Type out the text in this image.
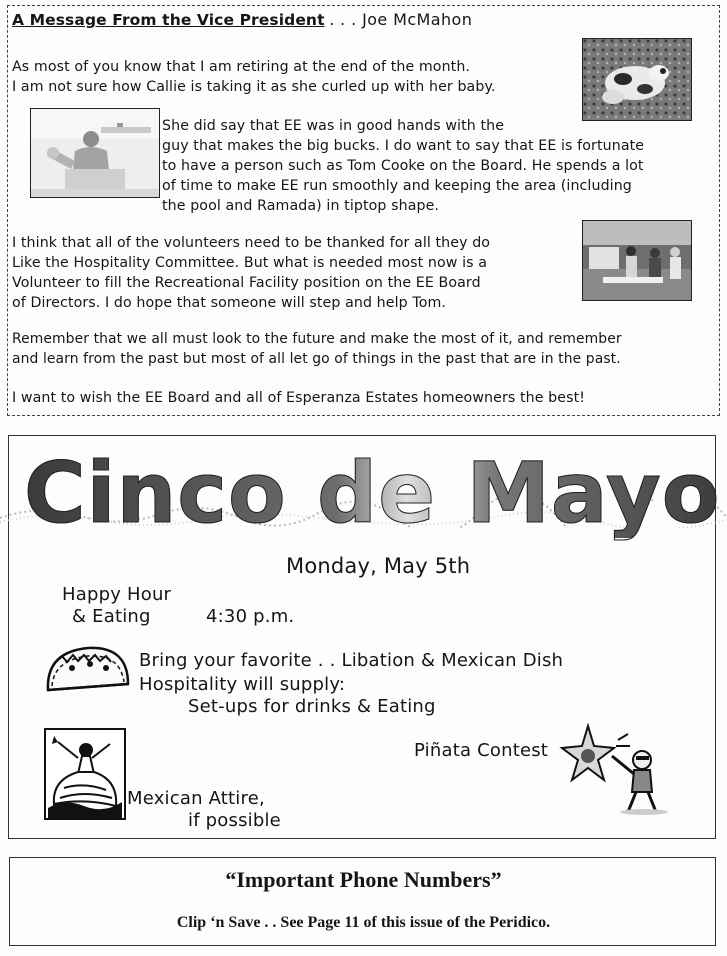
A Message From the Vice President . . . Joe McMahon
As most of you know that I am retiring at the end of the month.
I am not sure how Callie is taking it as she curled up with her baby.
She did say that EE was in good hands with the
guy that makes the big bucks. I do want to say that EE is fortunate
to have a person such as Tom Cooke on the Board. He spends a lot
of time to make EE run smoothly and keeping the area (including
the pool and Ramada) in tiptop shape.
I think that all of the volunteers need to be thanked for all they do
Like the Hospitality Committee. But what is needed most now is a
Volunteer to fill the Recreational Facility position on the EE Board
of Directors. I do hope that someone will step and help Tom.
Remember that we all must look to the future and make the most of it, and remember
and learn from the past but most of all let go of things in the past that are in the past.
I want to wish the EE Board and all of Esperanza Estates homeowners the best!
Cinco de Mayo
Monday, May 5th
Happy Hour
& Eating	4:30 p.m.
Bring your favorite . . Libation & Mexican Dish
Hospitality will supply:
Set-ups for drinks & Eating
Mexican Attire,
if possible
Piñata Contest
“Important Phone Numbers”
Clip ‘n Save . . See Page 11 of this issue of the Peridico.
